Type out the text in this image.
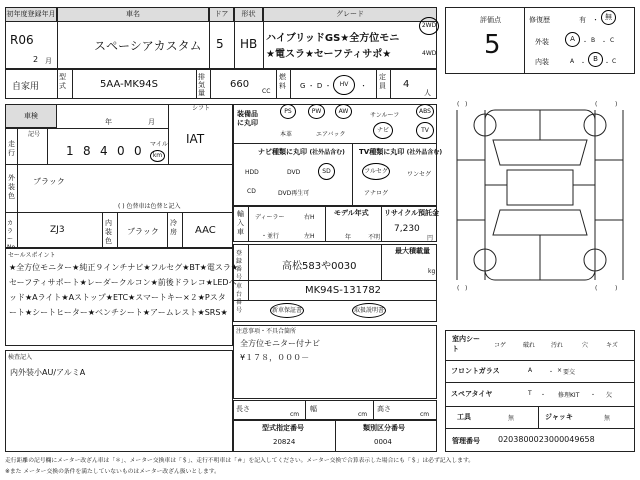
初年度登録年月	車名	ドア	形状	グレード
R06
2 月
スペーシアカスタム 5 HB ハイブリッドGS★全方位モニ
★電スラ★セーフティサポ★
2WD
4WD
自家用
型式	5AA-MK94S
排気量
660
CC
燃料	G ・ D ・	HV	・
定員	4
人
車検
年	月
シフト
IAT
記号
走行	1 8 4 0 0 マイル
km
外装色
ブラック
( ) 色替車は色替と記入
カラーNo.
ZJ3
内装色
ブラック
冷房	AAC
装備品に丸印
PS	PW	AW
サンルーフ
ABS
本革	エアバック
ナビ	TV
ナビ種類に丸印 (社外品含む) TV種類に丸印 (社外品含む)
HDD	DVD	SD
CD	DVD再生可
フルセグ	ワンセグ
アナログ
輸入車
ディーラー
・並行
右H
左H
モデル年式
年	不明
リサイクル預託金
7,230
円
登録番号
高松583や0030
最大積載量
kg
車台番号
MK94S-131782
新車保証書	取扱説明書
セールスポイント
★全方位モニター★純正９インチナビ★フルセグ★BT★電スラ★
セーフティサポート★レーダークルコン★前後ドラレコ★LEDヘ
ッド★Aライト★Aストップ★ETC★スマートキー×２★Pスタ
ート★シートヒーター★ベンチシート★アームレスト★SRS★
検査記入
内外装小AU/アルミA
注意事項・不具合箇所
全方位モニター付ナビ
¥１７８，０００－
長さ
cm
幅
cm
高さ
cm
型式指定番号
20824
類別区分番号
0004
評価点
5
修復歴	有 ・ 無
外装	A	・ B ・ C
内装	A ・
B
・ C
( )	(	)
( )	(	)
室内シート	コゲ	破れ	汚れ	穴	キズ
フロントガラス	A	・ × 要交
スペアタイヤ	T ・ 修理KIT ・ 欠
工具	無	ジャッキ	無
管理番号 0203800023000049658
走行距離の記号欄にメーター改ざん車は「＊」、メーター交換車は「＄」、走行不明車は「＃」を記入してください。メーター交換で合算表示した場合にも「＄」は必ず記入します。
※また メーター交換の条件を満たしていないものはメーター改ざん扱いとします。
